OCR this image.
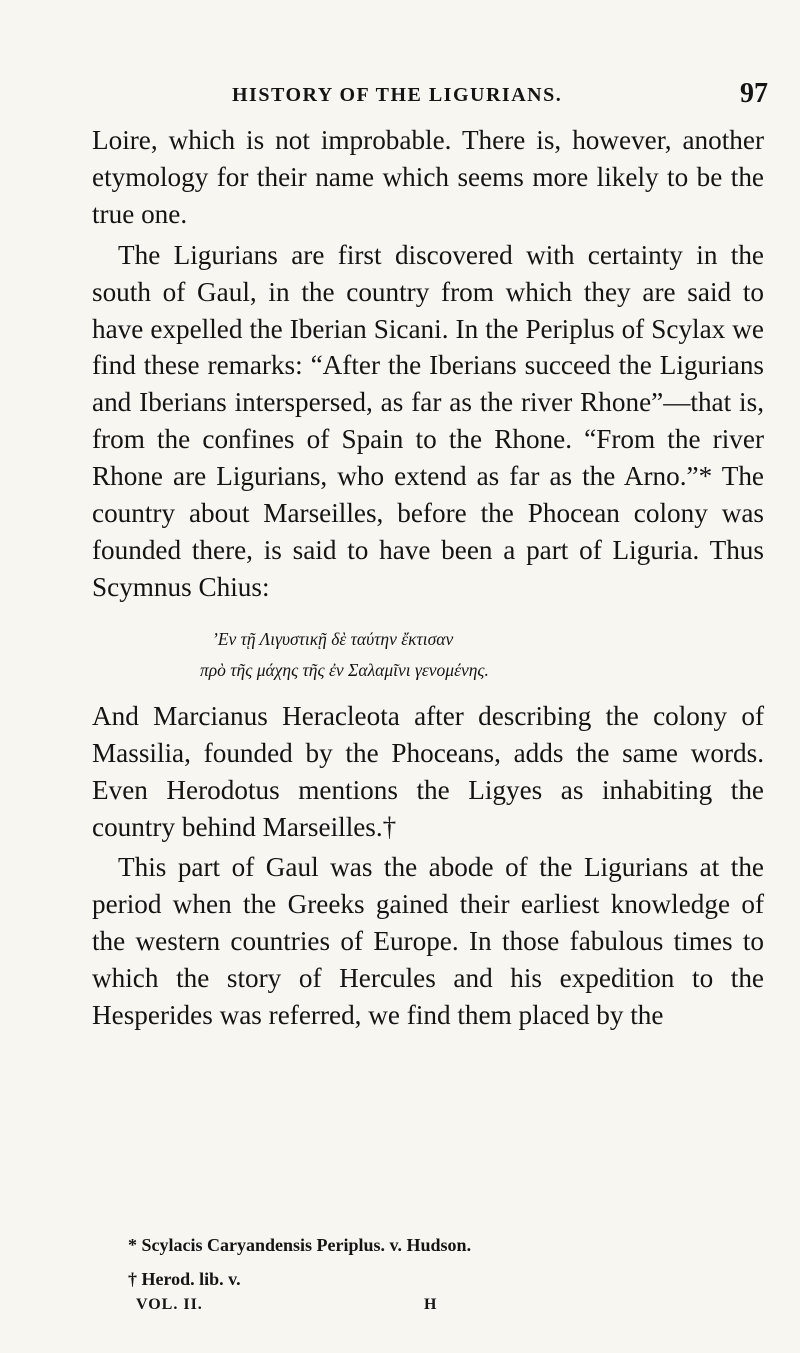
HISTORY OF THE LIGURIANS.	97

Loire, which is not improbable. There is, however, another etymology for their name which seems more likely to be the true one.

The Ligurians are first discovered with certainty in the south of Gaul, in the country from which they are said to have expelled the Iberian Sicani. In the Periplus of Scylax we find these remarks: “After the Iberians succeed the Ligurians and Iberians interspersed, as far as the river Rhone”—that is, from the confines of Spain to the Rhone. “From the river Rhone are Ligurians, who extend as far as the Arno.”* The country about Marseilles, before the Phocean colony was founded there, is said to have been a part of Liguria. Thus Scymnus Chius:

’Εν τῇ Λιγυστικῇ δὲ ταύτην ἔκτισαν
πρὸ τῆς μάχης τῆς ἐν Σαλαμῖνι γενομένης.

And Marcianus Heracleota after describing the colony of Massilia, founded by the Phoceans, adds the same words. Even Herodotus mentions the Ligyes as inhabiting the country behind Marseilles.†

This part of Gaul was the abode of the Ligurians at the period when the Greeks gained their earliest knowledge of the western countries of Europe. In those fabulous times to which the story of Hercules and his expedition to the Hesperides was referred, we find them placed by the

* Scylacis Caryandensis Periplus. v. Hudson.
† Herod. lib. v.
VOL. II.	H
